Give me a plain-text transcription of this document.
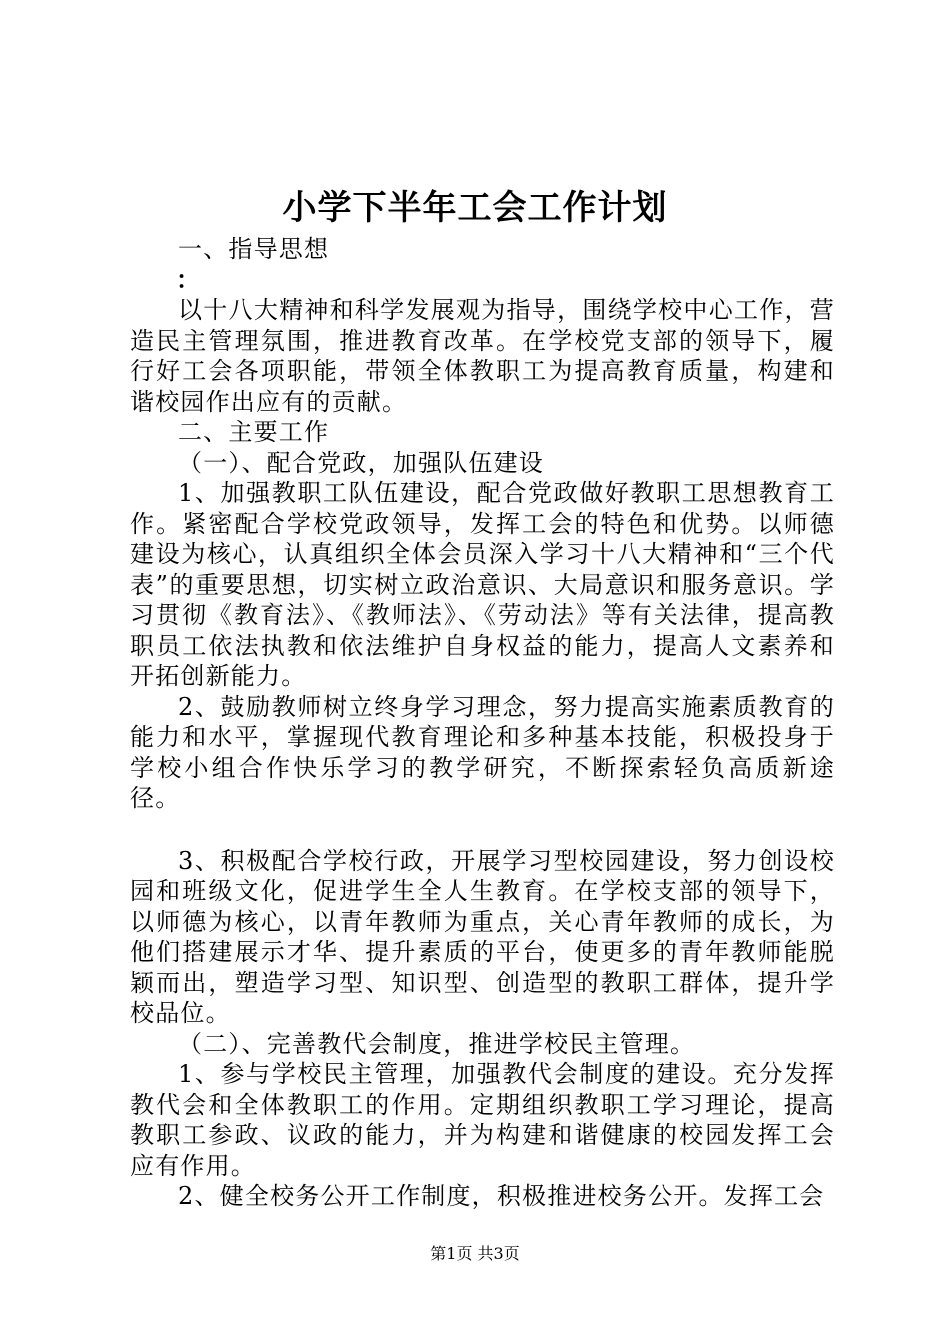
小学下半年工会工作计划

一、指导思想

：

以十八大精神和科学发展观为指导，围绕学校中心工作，营造民主管理氛围，推进教育改革。在学校党支部的领导下，履行好工会各项职能，带领全体教职工为提高教育质量，构建和谐校园作出应有的贡献。

二、主要工作

（一）、配合党政，加强队伍建设

1、加强教职工队伍建设，配合党政做好教职工思想教育工作。紧密配合学校党政领导，发挥工会的特色和优势。以师德建设为核心，认真组织全体会员深入学习十八大精神和“三个代表”的重要思想，切实树立政治意识、大局意识和服务意识。学习贯彻《教育法》、《教师法》、《劳动法》等有关法律，提高教职员工依法执教和依法维护自身权益的能力，提高人文素养和开拓创新能力。

2、鼓励教师树立终身学习理念，努力提高实施素质教育的能力和水平，掌握现代教育理论和多种基本技能，积极投身于学校小组合作快乐学习的教学研究，不断探索轻负高质新途径。

3、积极配合学校行政，开展学习型校园建设，努力创设校园和班级文化，促进学生全人生教育。在学校支部的领导下，以师德为核心，以青年教师为重点，关心青年教师的成长，为他们搭建展示才华、提升素质的平台，使更多的青年教师能脱颖而出，塑造学习型、知识型、创造型的教职工群体，提升学校品位。

（二）、完善教代会制度，推进学校民主管理。

1、参与学校民主管理，加强教代会制度的建设。充分发挥教代会和全体教职工的作用。定期组织教职工学习理论，提高教职工参政、议政的能力，并为构建和谐健康的校园发挥工会应有作用。

2、健全校务公开工作制度，积极推进校务公开。发挥工会

第1页 共3页
